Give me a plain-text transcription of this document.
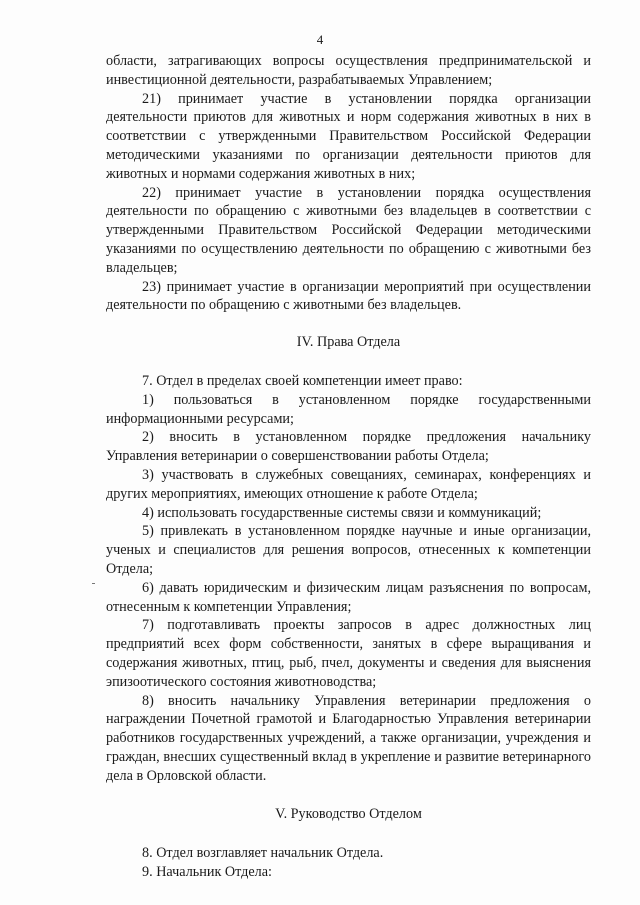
4

области, затрагивающих вопросы осуществления предпринимательской и инвестиционной деятельности, разрабатываемых Управлением;

21) принимает участие в установлении порядка организации деятельности приютов для животных и норм содержания животных в них в соответствии с утвержденными Правительством Российской Федерации методическими указаниями по организации деятельности приютов для животных и нормами содержания животных в них;

22) принимает участие в установлении порядка осуществления деятельности по обращению с животными без владельцев в соответствии с утвержденными Правительством Российской Федерации методическими указаниями по осуществлению деятельности по обращению с животными без владельцев;

23) принимает участие в организации мероприятий при осуществлении деятельности по обращению с животными без владельцев.

IV. Права Отдела

7. Отдел в пределах своей компетенции имеет право:

1) пользоваться в установленном порядке государственными информационными ресурсами;

2) вносить в установленном порядке предложения начальнику Управления ветеринарии о совершенствовании работы Отдела;

3) участвовать в служебных совещаниях, семинарах, конференциях и других мероприятиях, имеющих отношение к работе Отдела;

4) использовать государственные системы связи и коммуникаций;

5) привлекать в установленном порядке научные и иные организации, ученых и специалистов для решения вопросов, отнесенных к компетенции Отдела;

6) давать юридическим и физическим лицам разъяснения по вопросам, отнесенным к компетенции Управления;

7) подготавливать проекты запросов в адрес должностных лиц предприятий всех форм собственности, занятых в сфере выращивания и содержания животных, птиц, рыб, пчел, документы и сведения для выяснения эпизоотического состояния животноводства;

8) вносить начальнику Управления ветеринарии предложения о награждении Почетной грамотой и Благодарностью Управления ветеринарии работников государственных учреждений, а также организации, учреждения и граждан, внесших существенный вклад в укрепление и развитие ветеринарного дела в Орловской области.

V. Руководство Отделом

8. Отдел возглавляет начальник Отдела.

9. Начальник Отдела:
